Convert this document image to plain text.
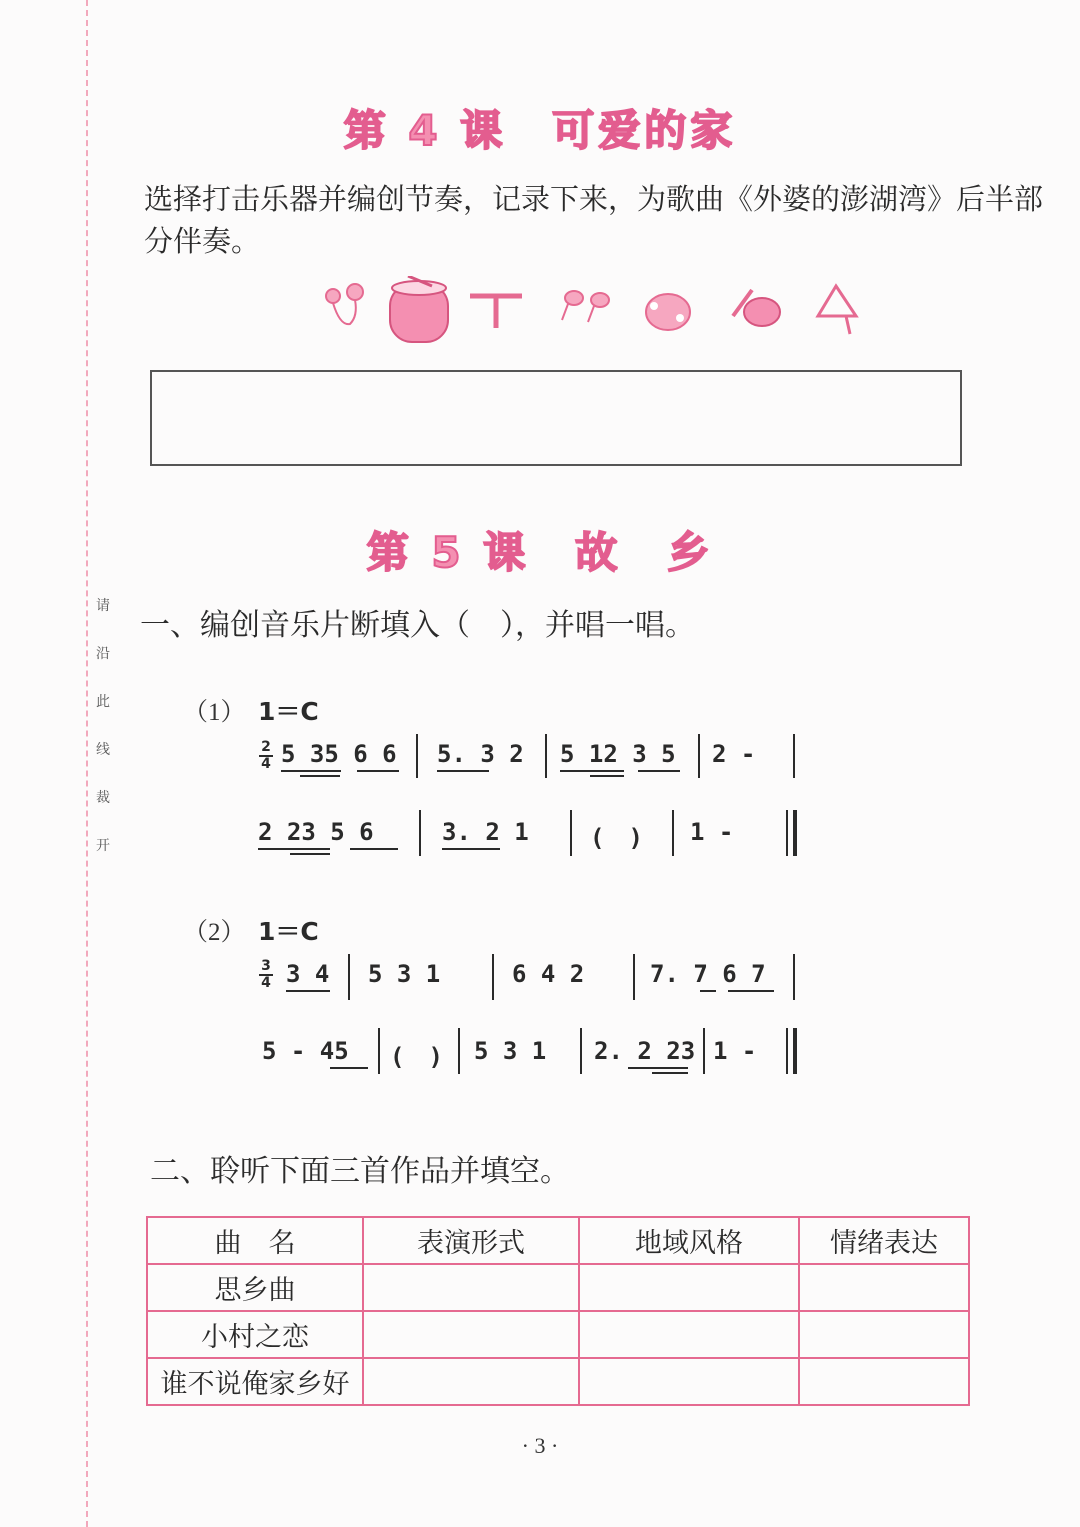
请
沿
此
线
裁
开
第 4 课　可爱的家
选择打击乐器并编创节奏，记录下来，为歌曲《外婆的澎湖湾》后半部分伴奏。
第 5 课　故　乡
一、编创音乐片断填入（　），并唱一唱。
（1） 1＝C
2
4 5 35 6 6 5. 3 2 5 12 3 5 2 -
2 23 5 6	3. 2 1	(　) 1 -
（2） 1＝C
3
4 3 4 5 3 1	6 4 2	7. 7 6 7
5 - 45 (　) 5 3 1 2. 2 23 1 -
二、聆听下面三首作品并填空。
曲　名	表演形式	地域风格	情绪表达
思乡曲			
小村之恋			
谁不说俺家乡好			
· 3 ·
